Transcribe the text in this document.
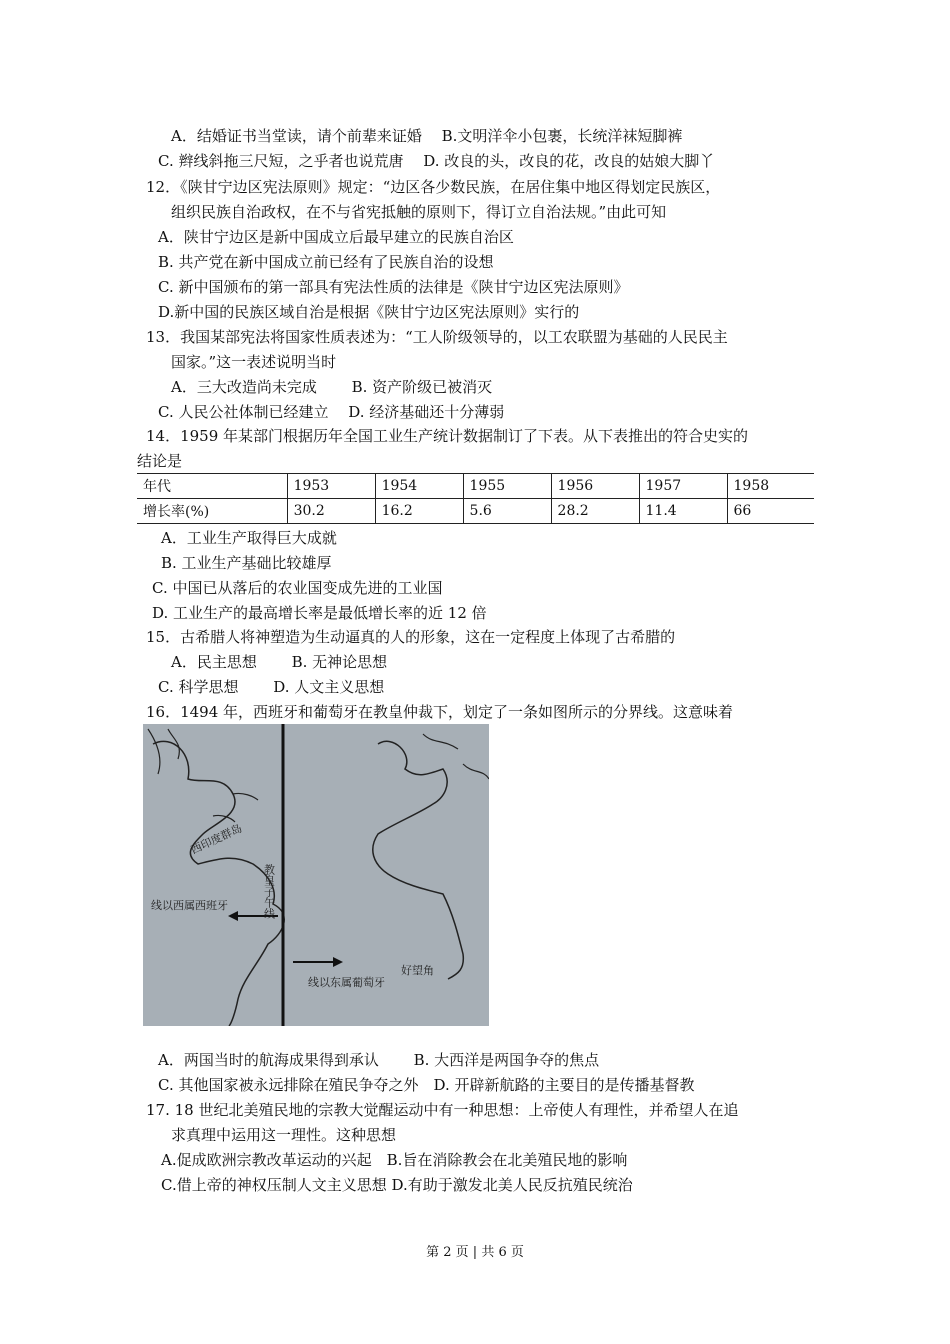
A．结婚证书当堂读，请个前辈来证婚　 B.文明洋伞小包裹，长统洋袜短脚裤
C. 辫线斜拖三尺短，之乎者也说荒唐　 D. 改良的头，改良的花，改良的姑娘大脚丫
12．《陕甘宁边区宪法原则》规定：“边区各少数民族，在居住集中地区得划定民族区，
组织民族自治政权，在不与省宪抵触的原则下，得订立自治法规。”由此可知
A．陕甘宁边区是新中国成立后最早建立的民族自治区
B. 共产党在新中国成立前已经有了民族自治的设想
C. 新中国颁布的第一部具有宪法性质的法律是《陕甘宁边区宪法原则》
D.新中国的民族区域自治是根据《陕甘宁边区宪法原则》实行的
13．我国某部宪法将国家性质表述为：“工人阶级领导的，以工农联盟为基础的人民民主
国家。”这一表述说明当时
A．三大改造尚未完成　　 B. 资产阶级已被消灭
C. 人民公社体制已经建立　 D. 经济基础还十分薄弱
14．1959 年某部门根据历年全国工业生产统计数据制订了下表。从下表推出的符合史实的
结论是
年代	1953	1954	1955	1956	1957	1958
增长率(%)	30.2	16.2	5.6	28.2	11.4	66
A．工业生产取得巨大成就
B. 工业生产基础比较雄厚
C. 中国已从落后的农业国变成先进的工业国
D. 工业生产的最高增长率是最低增长率的近 12 倍
15．古希腊人将神塑造为生动逼真的人的形象，这在一定程度上体现了古希腊的
A．民主思想　　 B. 无神论思想
C. 科学思想　　 D. 人文主义思想
16．1494 年，西班牙和葡萄牙在教皇仲裁下，划定了一条如图所示的分界线。这意味着
西印度群岛
线以西属西班牙
线以东属葡萄牙
好望角
教皇子午线
A．两国当时的航海成果得到承认　　 B. 大西洋是两国争夺的焦点
C. 其他国家被永远排除在殖民争夺之外　D. 开辟新航路的主要目的是传播基督教
17. 18 世纪北美殖民地的宗教大觉醒运动中有一种思想：上帝使人有理性，并希望人在追
求真理中运用这一理性。这种思想
A.促成欧洲宗教改革运动的兴起　B.旨在消除教会在北美殖民地的影响
C.借上帝的神权压制人文主义思想 D.有助于激发北美人民反抗殖民统治
第 2 页 | 共 6 页
